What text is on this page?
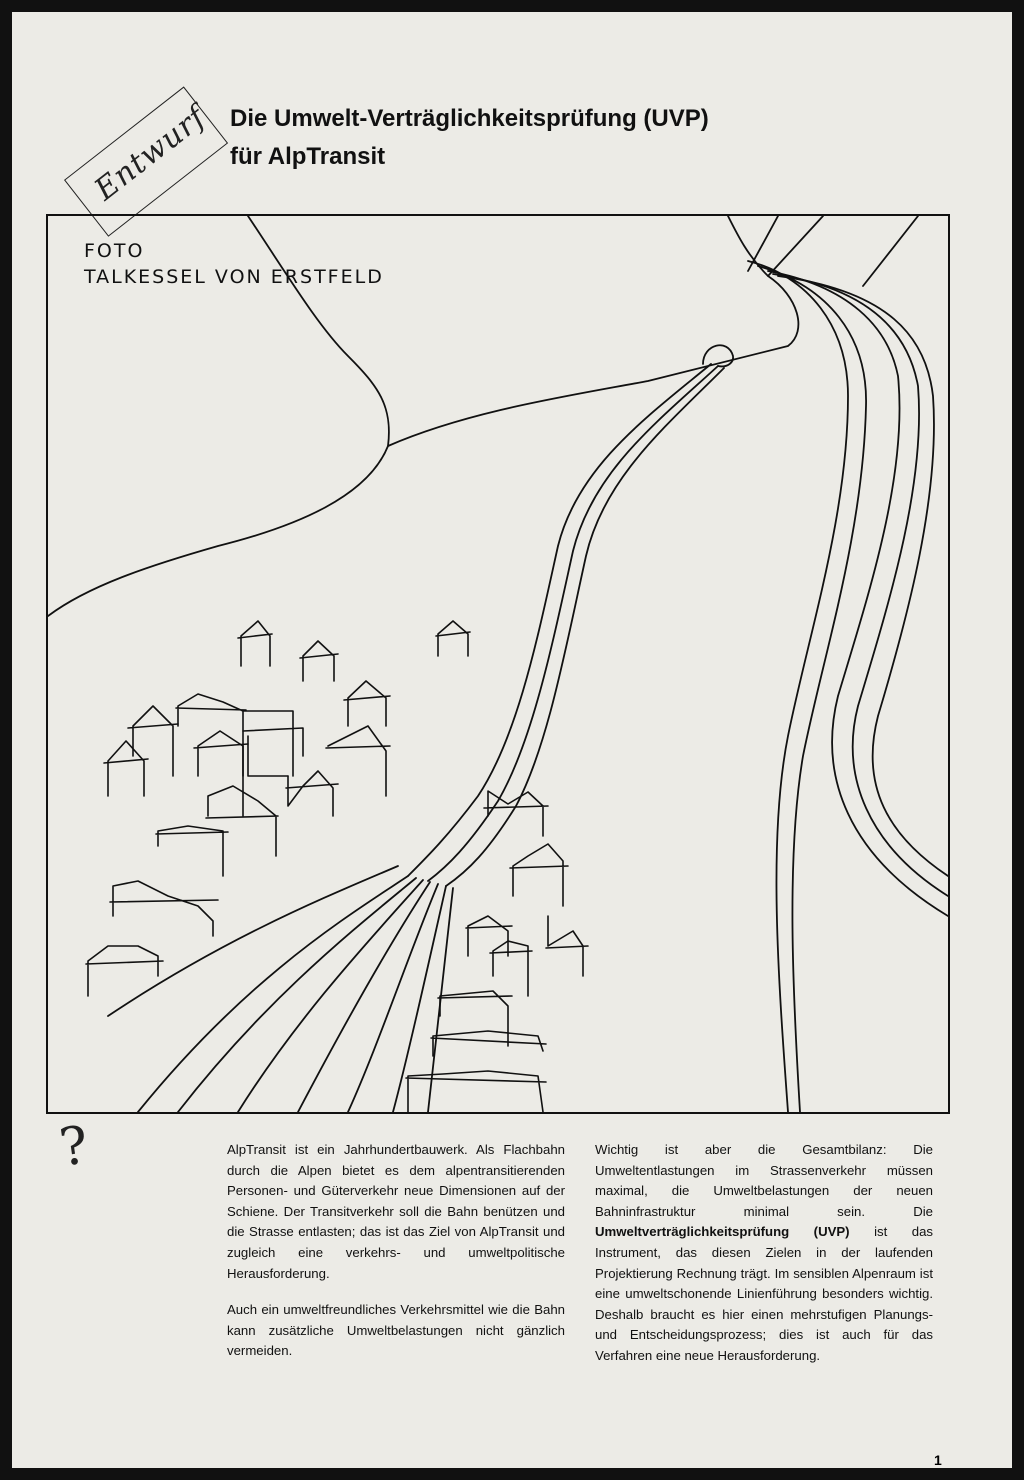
Entwurf Die Umwelt-Verträglichkeitsprüfung (UVP)
für AlpTransit
FOTO
TALKESSEL VON ERSTFELD
?	AlpTransit ist ein Jahrhundertbauwerk. Als Flachbahn durch die Alpen bietet es dem alpentransitierenden Personen- und Güterverkehr neue Dimensionen auf der Schiene. Der Transitverkehr soll die Bahn benützen und die Strasse entlasten; das ist das Ziel von AlpTransit und zugleich eine verkehrs- und umweltpolitische Herausforderung.

Auch ein umweltfreundliches Verkehrsmittel wie die Bahn kann zusätzliche Umweltbelastungen nicht gänzlich vermeiden.

Wichtig ist aber die Gesamtbilanz: Die Umweltentlastungen im Strassenverkehr müssen maximal, die Umweltbelastungen der neuen Bahninfrastruktur minimal sein. Die Umweltverträglichkeitsprüfung (UVP) ist das Instrument, das diesen Zielen in der laufenden Projektierung Rechnung trägt. Im sensiblen Alpenraum ist eine umweltschonende Linienführung besonders wichtig. Deshalb braucht es hier einen mehrstufigen Planungs- und Entscheidungsprozess; dies ist auch für das Verfahren eine neue Herausforderung.

1
